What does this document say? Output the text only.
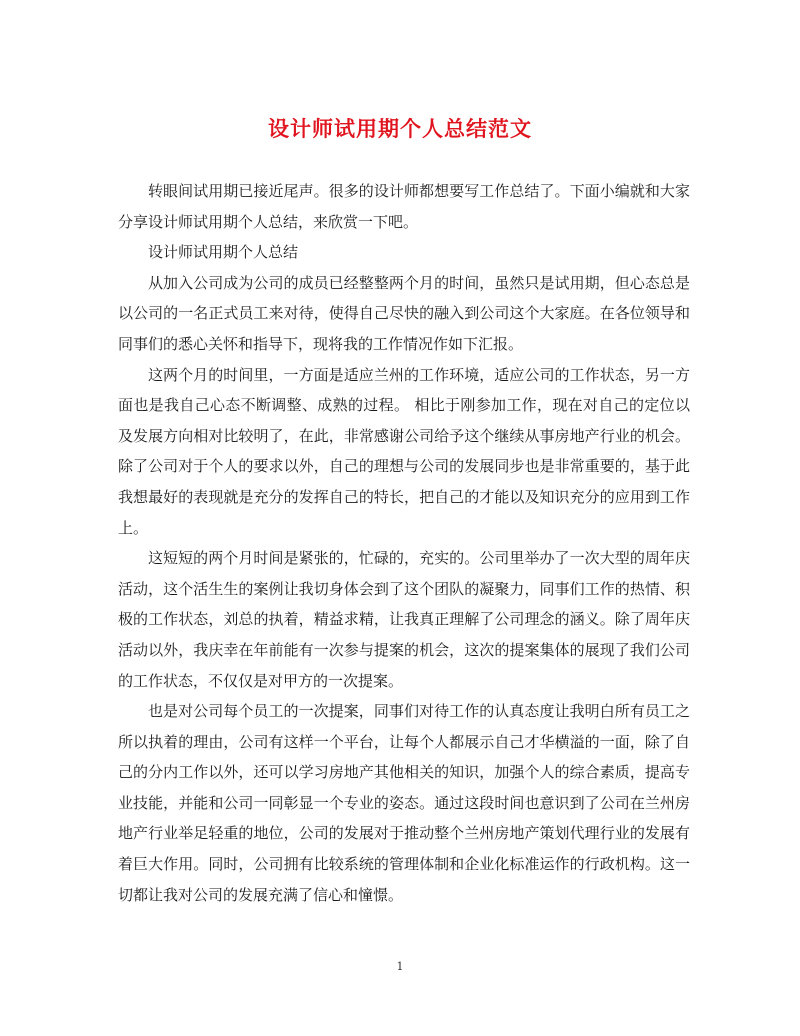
设计师试用期个人总结范文

转眼间试用期已接近尾声。很多的设计师都想要写工作总结了。下面小编就和大家分享设计师试用期个人总结，来欣赏一下吧。

设计师试用期个人总结

从加入公司成为公司的成员已经整整两个月的时间，虽然只是试用期，但心态总是以公司的一名正式员工来对待，使得自己尽快的融入到公司这个大家庭。在各位领导和同事们的悉心关怀和指导下，现将我的工作情况作如下汇报。

这两个月的时间里，一方面是适应兰州的工作环境，适应公司的工作状态，另一方面也是我自己心态不断调整、成熟的过程。 相比于刚参加工作，现在对自己的定位以及发展方向相对比较明了，在此，非常感谢公司给予这个继续从事房地产行业的机会。除了公司对于个人的要求以外，自己的理想与公司的发展同步也是非常重要的，基于此我想最好的表现就是充分的发挥自己的特长，把自己的才能以及知识充分的应用到工作上。

这短短的两个月时间是紧张的，忙碌的，充实的。公司里举办了一次大型的周年庆活动，这个活生生的案例让我切身体会到了这个团队的凝聚力，同事们工作的热情、积极的工作状态，刘总的执着，精益求精，让我真正理解了公司理念的涵义。除了周年庆活动以外，我庆幸在年前能有一次参与提案的机会，这次的提案集体的展现了我们公司的工作状态，不仅仅是对甲方的一次提案。

也是对公司每个员工的一次提案，同事们对待工作的认真态度让我明白所有员工之所以执着的理由，公司有这样一个平台，让每个人都展示自己才华横溢的一面，除了自己的分内工作以外，还可以学习房地产其他相关的知识，加强个人的综合素质，提高专业技能，并能和公司一同彰显一个专业的姿态。通过这段时间也意识到了公司在兰州房地产行业举足轻重的地位，公司的发展对于推动整个兰州房地产策划代理行业的发展有着巨大作用。同时，公司拥有比较系统的管理体制和企业化标准运作的行政机构。这一切都让我对公司的发展充满了信心和憧憬。

1
